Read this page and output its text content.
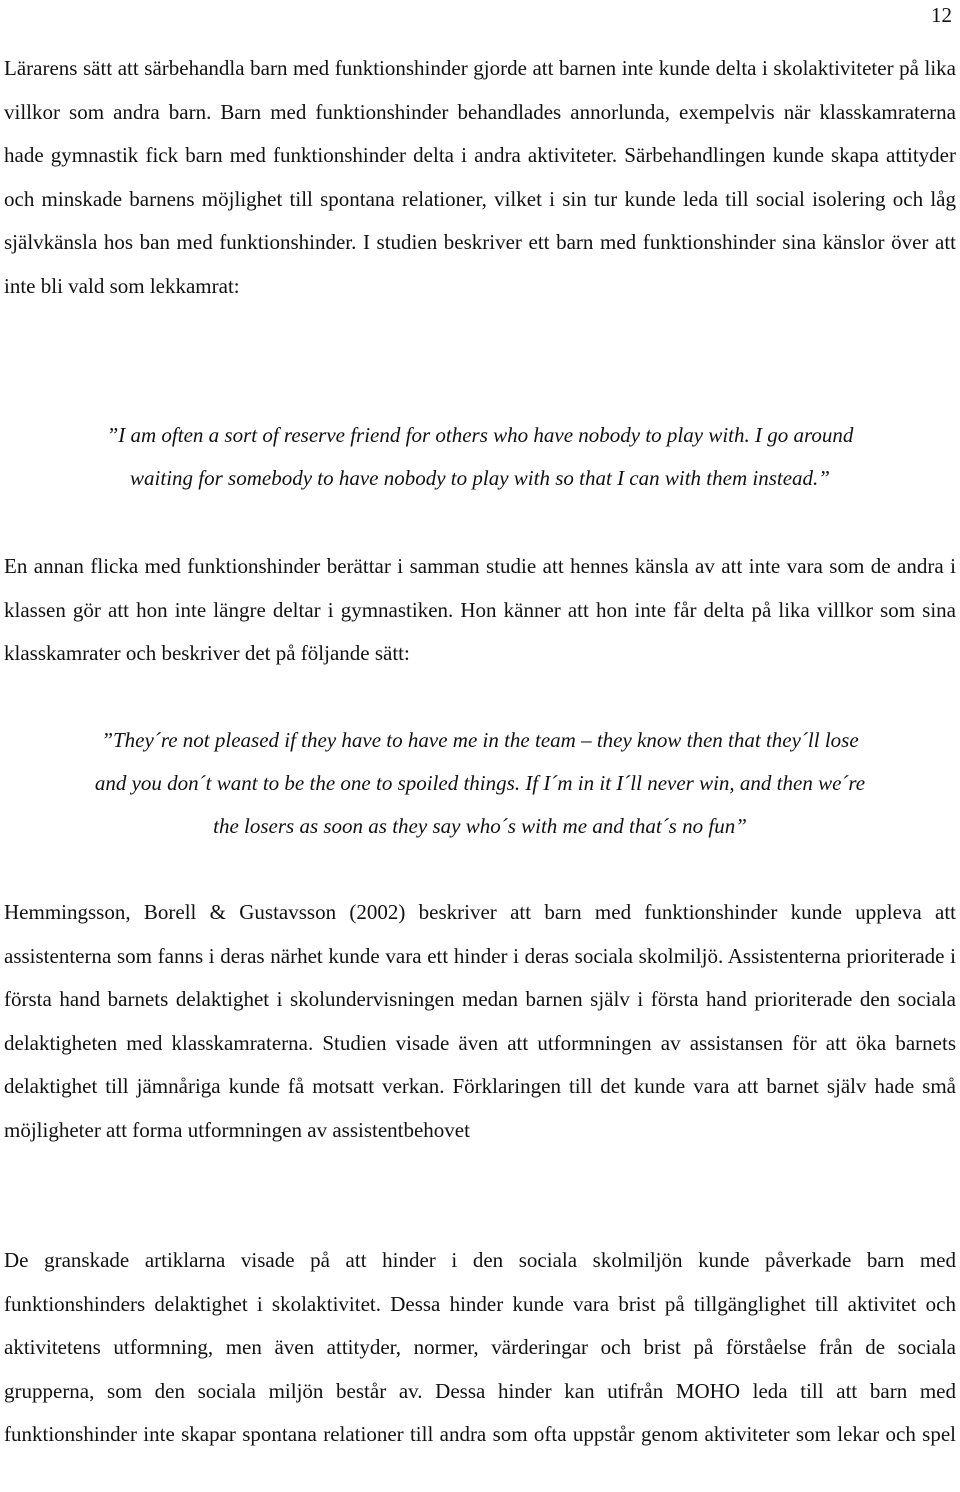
12

Lärarens sätt att särbehandla barn med funktionshinder gjorde att barnen inte kunde delta i skolaktiviteter på lika villkor som andra barn. Barn med funktionshinder behandlades annorlunda, exempelvis när klasskamraterna hade gymnastik fick barn med funktionshinder delta i andra aktiviteter. Särbehandlingen kunde skapa attityder och minskade barnens möjlighet till spontana relationer, vilket i sin tur kunde leda till social isolering och låg självkänsla hos ban med funktionshinder. I studien beskriver ett barn med funktionshinder sina känslor över att inte bli vald som lekkamrat:

”I am often a sort of reserve friend for others who have nobody to play with. I go around
waiting for somebody to have nobody to play with so that I can with them instead.”

En annan flicka med funktionshinder berättar i samman studie att hennes känsla av att inte vara som de andra i klassen gör att hon inte längre deltar i gymnastiken. Hon känner att hon inte får delta på lika villkor som sina klasskamrater och beskriver det på följande sätt:

”They´re not pleased if they have to have me in the team – they know then that they´ll lose
and you don´t want to be the one to spoiled things. If I´m in it I´ll never win, and then we´re
the losers as soon as they say who´s with me and that´s no fun”

Hemmingsson, Borell & Gustavsson (2002) beskriver att barn med funktionshinder kunde uppleva att assistenterna som fanns i deras närhet kunde vara ett hinder i deras sociala skolmiljö. Assistenterna prioriterade i första hand barnets delaktighet i skolundervisningen medan barnen själv i första hand prioriterade den sociala delaktigheten med klasskamraterna. Studien visade även att utformningen av assistansen för att öka barnets delaktighet till jämnåriga kunde få motsatt verkan. Förklaringen till det kunde vara att barnet själv hade små möjligheter att forma utformningen av assistentbehovet

De granskade artiklarna visade på att hinder i den sociala skolmiljön kunde påverkade barn med funktionshinders delaktighet i skolaktivitet. Dessa hinder kunde vara brist på tillgänglighet till aktivitet och aktivitetens utformning, men även attityder, normer, värderingar och brist på förståelse från de sociala grupperna, som den sociala miljön består av. Dessa hinder kan utifrån MOHO leda till att barn med funktionshinder inte skapar spontana relationer till andra som ofta uppstår genom aktiviteter som lekar och spel
